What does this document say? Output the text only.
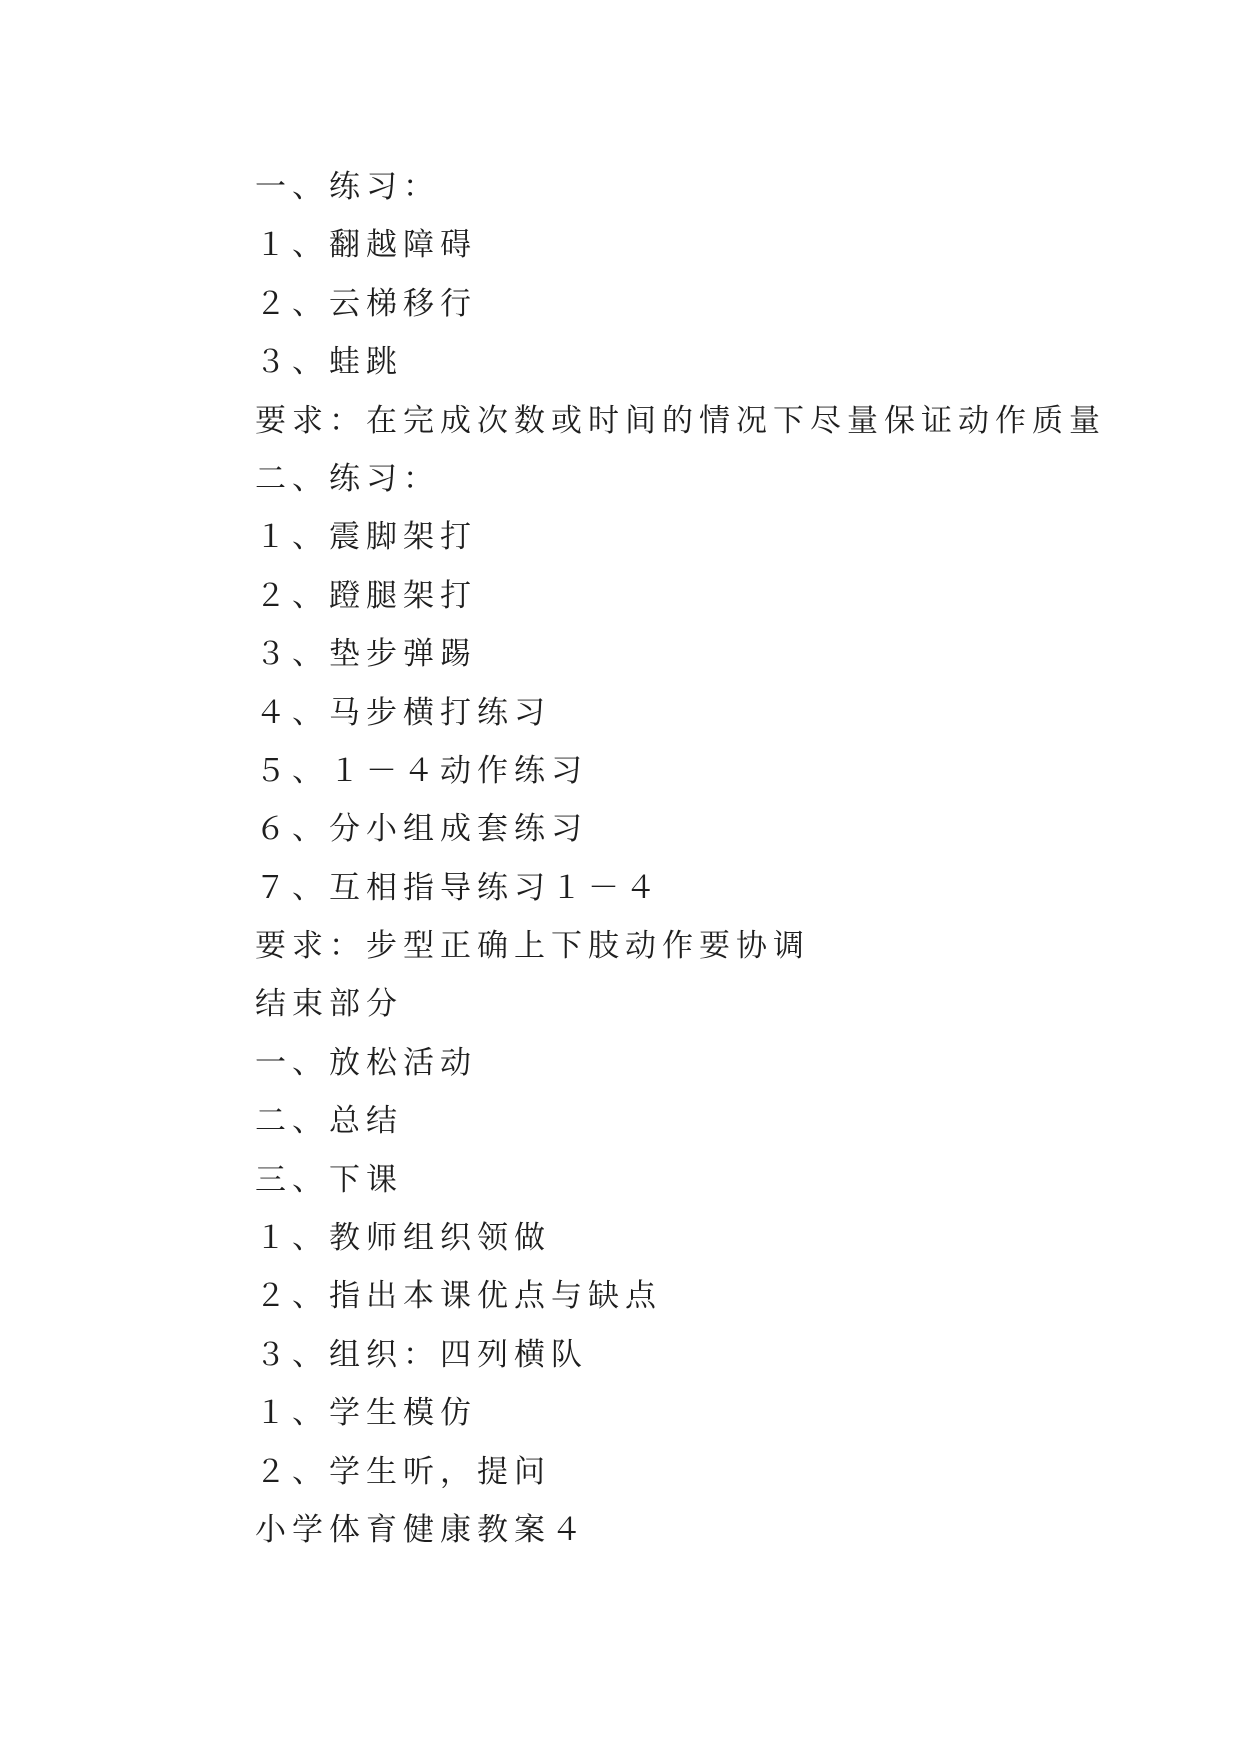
一、练习：
１、翻越障碍
２、云梯移行
３、蛙跳
要求：在完成次数或时间的情况下尽量保证动作质量
二、练习：
１、震脚架打
２、蹬腿架打
３、垫步弹踢
４、马步横打练习
５、１－４动作练习
６、分小组成套练习
７、互相指导练习１－４
要求：步型正确上下肢动作要协调
结束部分
一、放松活动
二、总结
三、下课
１、教师组织领做
２、指出本课优点与缺点
３、组织：四列横队
１、学生模仿
２、学生听，提问
小学体育健康教案４
